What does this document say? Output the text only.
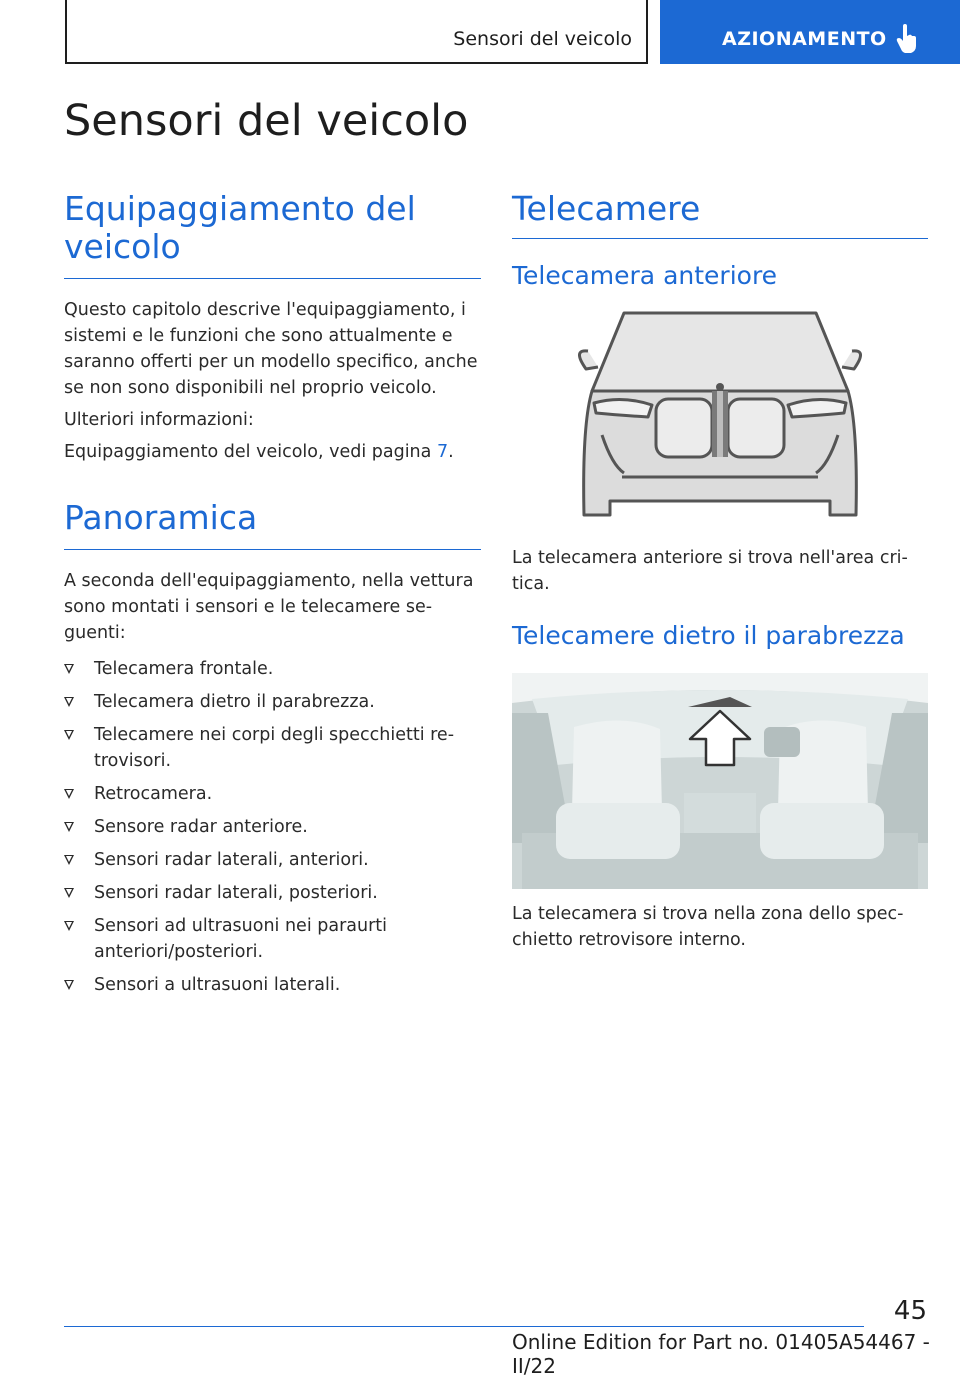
Sensori del veicolo	AZIONAMENTO
Sensori del veicolo
Equipaggiamento del veicolo

Questo capitolo descrive l'equipaggiamento, i sistemi e le funzioni che sono attualmente e saranno offerti per un modello specifico, anche se non sono disponibili nel proprio veicolo.

Ulteriori informazioni:

Equipaggiamento del veicolo, vedi pagina 7.

Panoramica

A seconda dell'equipaggiamento, nella vettura sono montati i sensori e le telecamere se-guenti:

Telecamera frontale.
Telecamera dietro il parabrezza.
Telecamere nei corpi degli specchietti re-trovisori.
Retrocamera.
Sensore radar anteriore.
Sensori radar laterali, anteriori.
Sensori radar laterali, posteriori.
Sensori ad ultrasuoni nei paraurti anteriori/posteriori.
Sensori a ultrasuoni laterali.
Telecamere
Telecamera anteriore

La telecamera anteriore si trova nell'area cri-tica.

Telecamere dietro il parabrezza

La telecamera si trova nella zona dello spec-chietto retrovisore interno.

45
Online Edition for Part no. 01405A54467 - II/22
